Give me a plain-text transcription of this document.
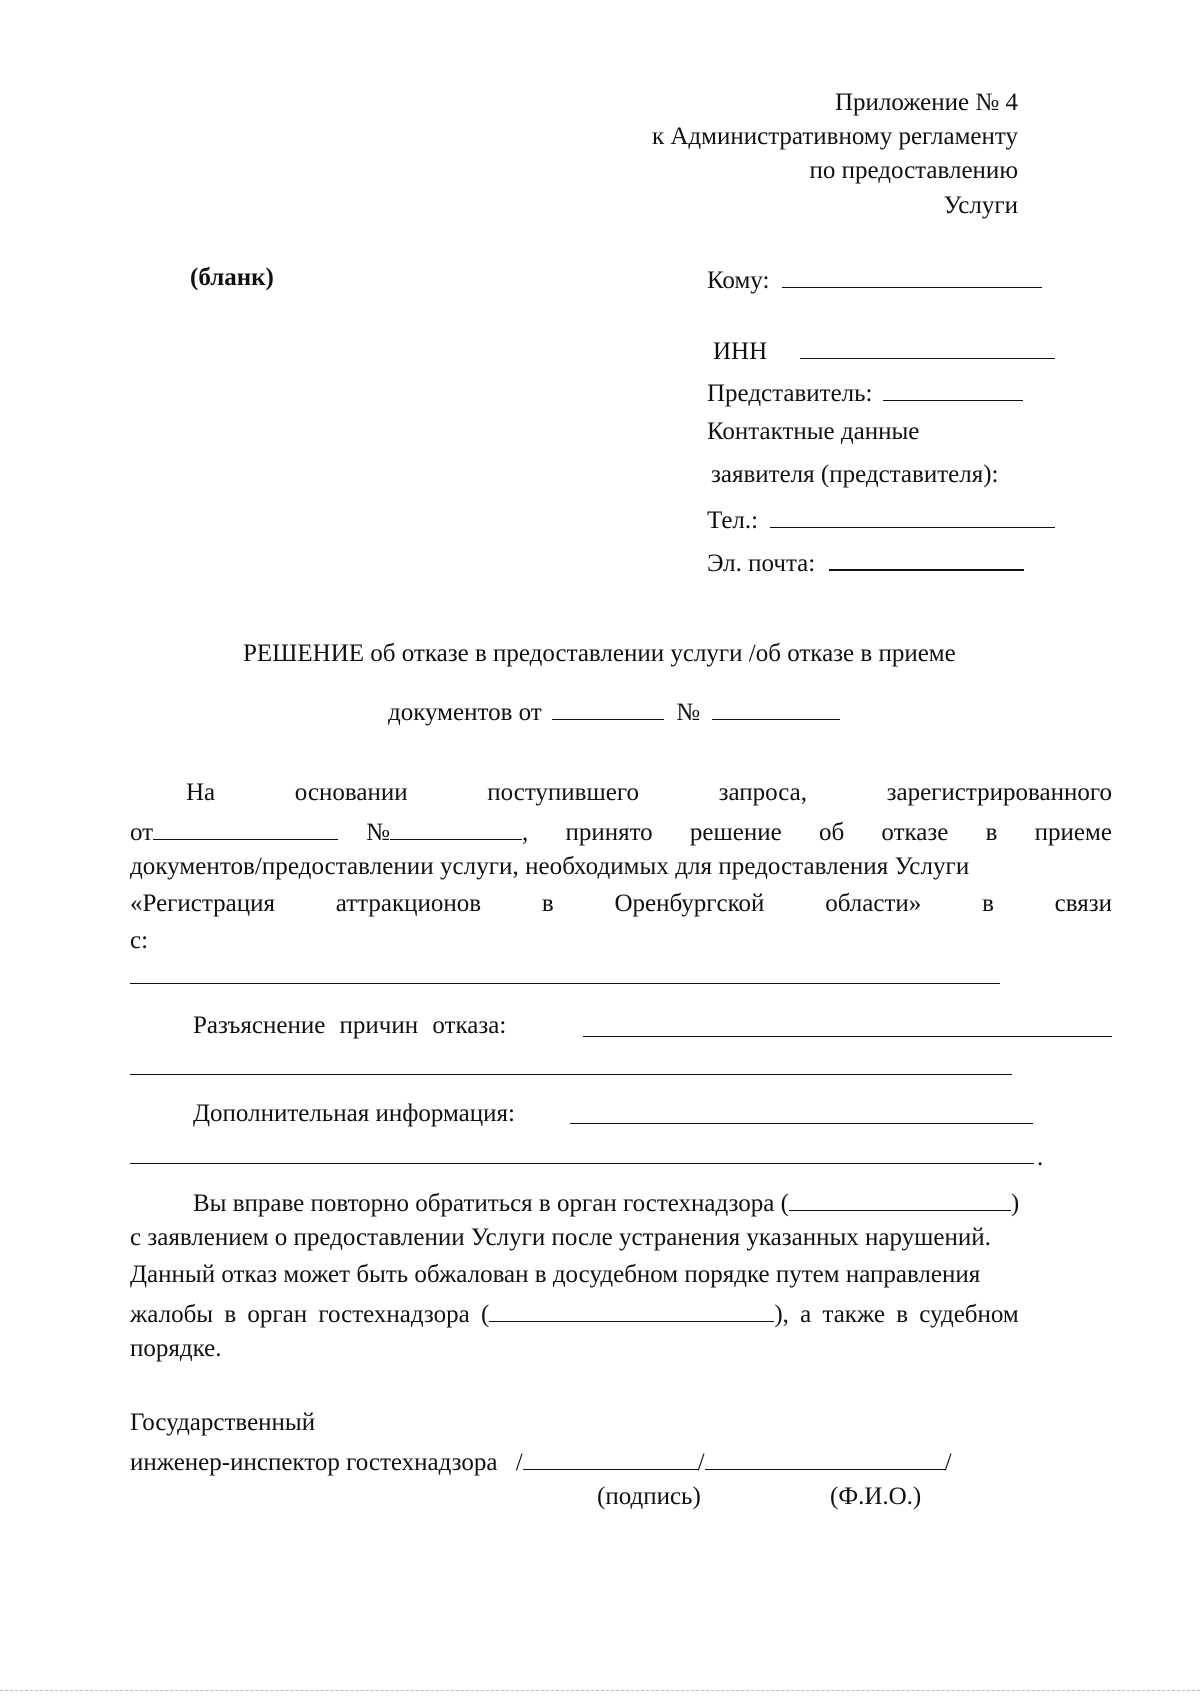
Приложение № 4
к Административному регламенту
по предоставлению
Услуги
(бланк)	Кому:
ИНН
Представитель:
Контактные данные
заявителя (представителя):
Тел.:
Эл. почта:
РЕШЕНИЕ об отказе в предоставлении услуги /об отказе в приеме
документов от	№
На	основании	поступившего	запроса,	зарегистрированного
от	№	, принято решение об отказе в приеме
документов/предоставлении услуги, необходимых для предоставления Услуги
«Регистрация аттракционов в Оренбургской области» в связи
с:
Разъяснение причин отказа:
Дополнительная информация:
.
Вы вправе повторно обратиться в орган гостехнадзора (	)
с заявлением о предоставлении Услуги после устранения указанных нарушений.
Данный отказ может быть обжалован в досудебном порядке путем направления
жалобы в орган гостехнадзора (	), а также в судебном
порядке.
Государственный
инженер-инспектор гостехнадзора /	/	/
(подпись)	(Ф.И.О.)
